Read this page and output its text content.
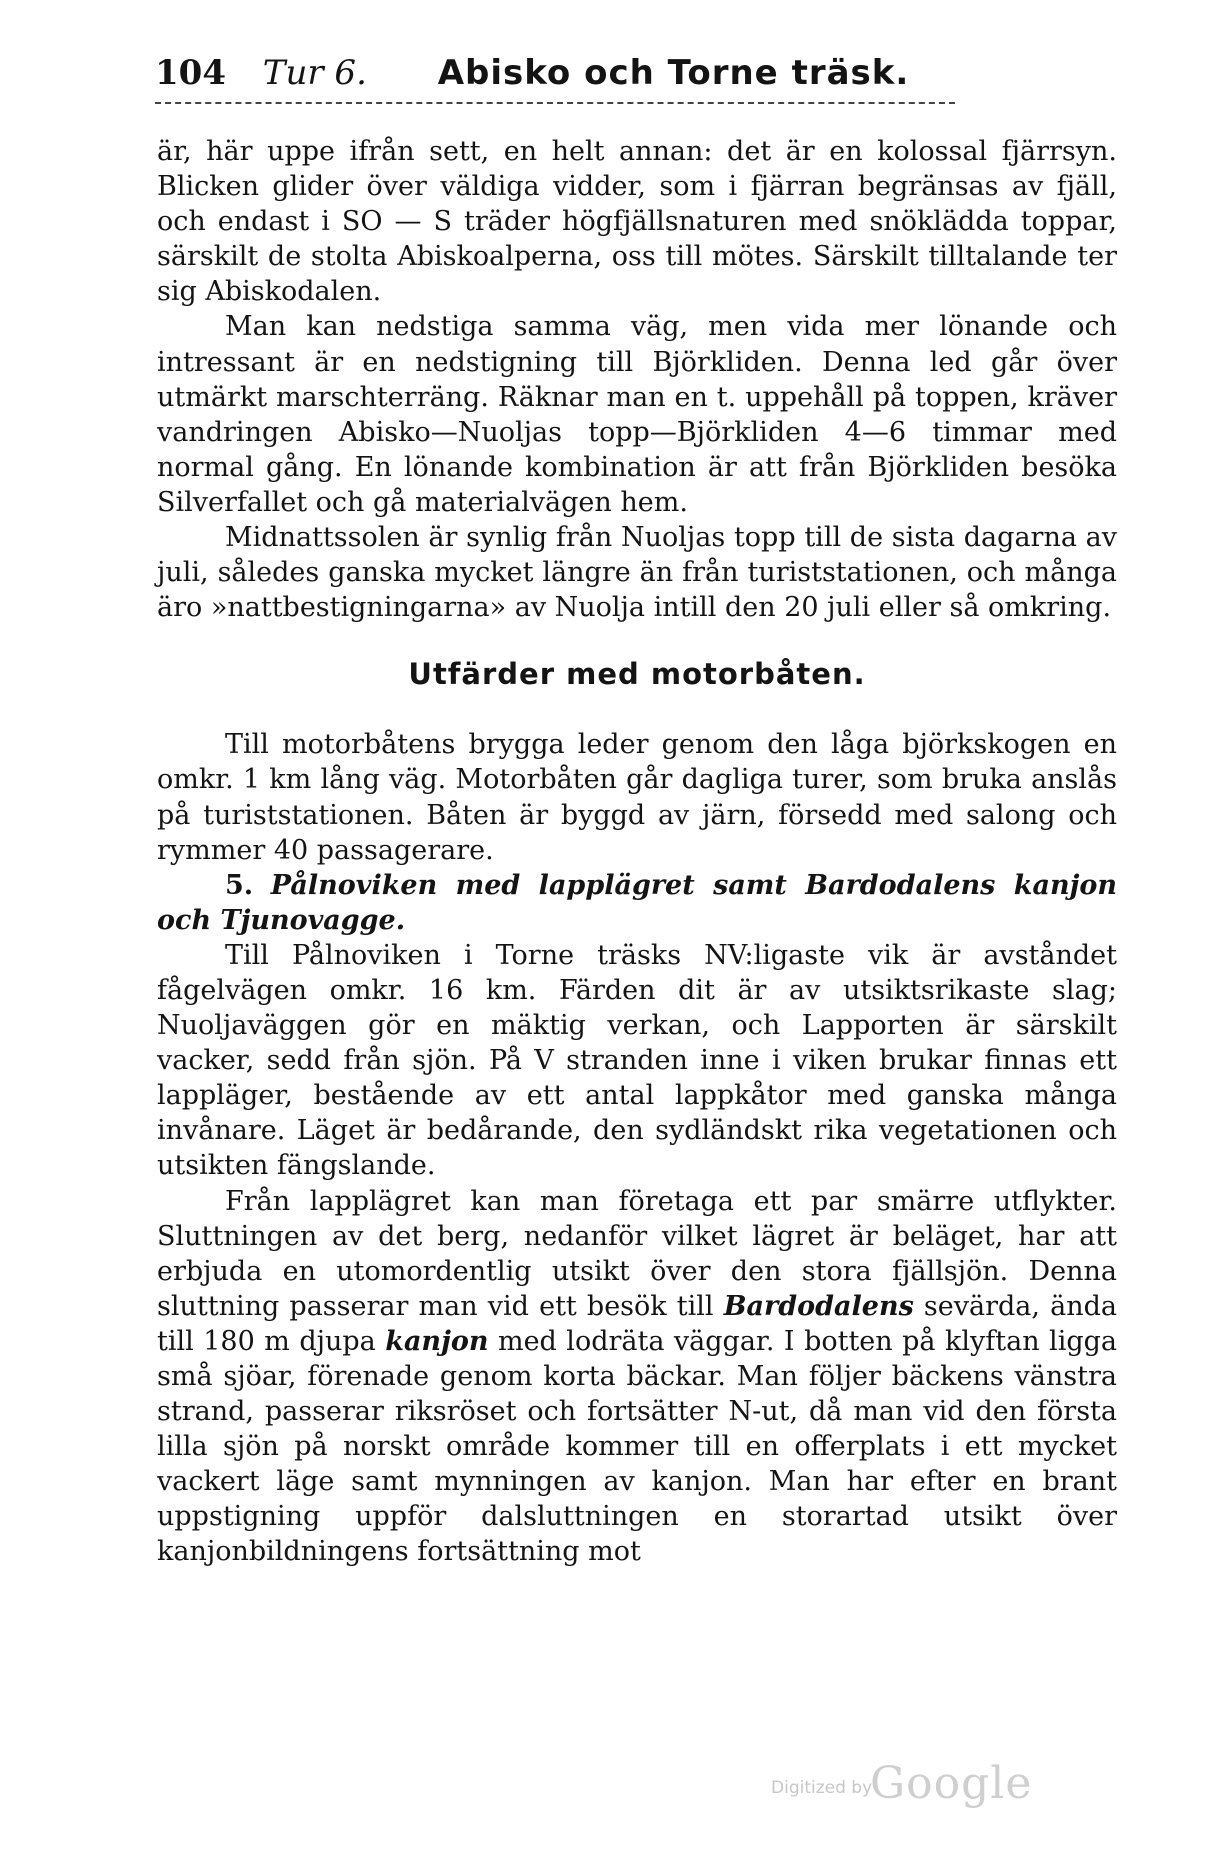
104 Tur 6. Abisko och Torne träsk.

är, här uppe ifrån sett, en helt annan: det är en kolossal fjärrsyn. Blicken glider över väldiga vidder, som i fjärran begränsas av fjäll, och endast i SO — S träder högfjällsnaturen med snöklädda toppar, särskilt de stolta Abiskoalperna, oss till mötes. Särskilt tilltalande ter sig Abiskodalen.

Man kan nedstiga samma väg, men vida mer lönande och intressant är en nedstigning till Björkliden. Denna led går över utmärkt marschterräng. Räknar man en t. uppehåll på toppen, kräver vandringen Abisko—Nuoljas topp—Björkliden 4—6 timmar med normal gång. En lönande kombination är att från Björkliden besöka Silverfallet och gå materialvägen hem.

Midnattssolen är synlig från Nuoljas topp till de sista dagarna av juli, således ganska mycket längre än från turiststationen, och många äro »nattbestigningarna» av Nuolja intill den 20 juli eller så omkring.

Utfärder med motorbåten.

Till motorbåtens brygga leder genom den låga björkskogen en omkr. 1 km lång väg. Motorbåten går dagliga turer, som bruka anslås på turiststationen. Båten är byggd av järn, försedd med salong och rymmer 40 passagerare.

5. Pålnoviken med lapplägret samt Bardodalens kanjon och Tjunovagge.

Till Pålnoviken i Torne träsks NV:ligaste vik är avståndet fågelvägen omkr. 16 km. Färden dit är av utsiktsrikaste slag; Nuoljaväggen gör en mäktig verkan, och Lapporten är särskilt vacker, sedd från sjön. På V stranden inne i viken brukar finnas ett lappläger, bestående av ett antal lappkåtor med ganska många invånare. Läget är bedårande, den sydländskt rika vegetationen och utsikten fängslande.

Från lapplägret kan man företaga ett par smärre utflykter. Sluttningen av det berg, nedanför vilket lägret är beläget, har att erbjuda en utomordentlig utsikt över den stora fjällsjön. Denna sluttning passerar man vid ett besök till Bardodalens sevärda, ända till 180 m djupa kanjon med lodräta väggar. I botten på klyftan ligga små sjöar, förenade genom korta bäckar. Man följer bäckens vänstra strand, passerar riksröset och fortsätter N-ut, då man vid den första lilla sjön på norskt område kommer till en offerplats i ett mycket vackert läge samt mynningen av kanjon. Man har efter en brant uppstigning uppför dalsluttningen en storartad utsikt över kanjonbildningens fortsättning mot

Digitized by
Google
